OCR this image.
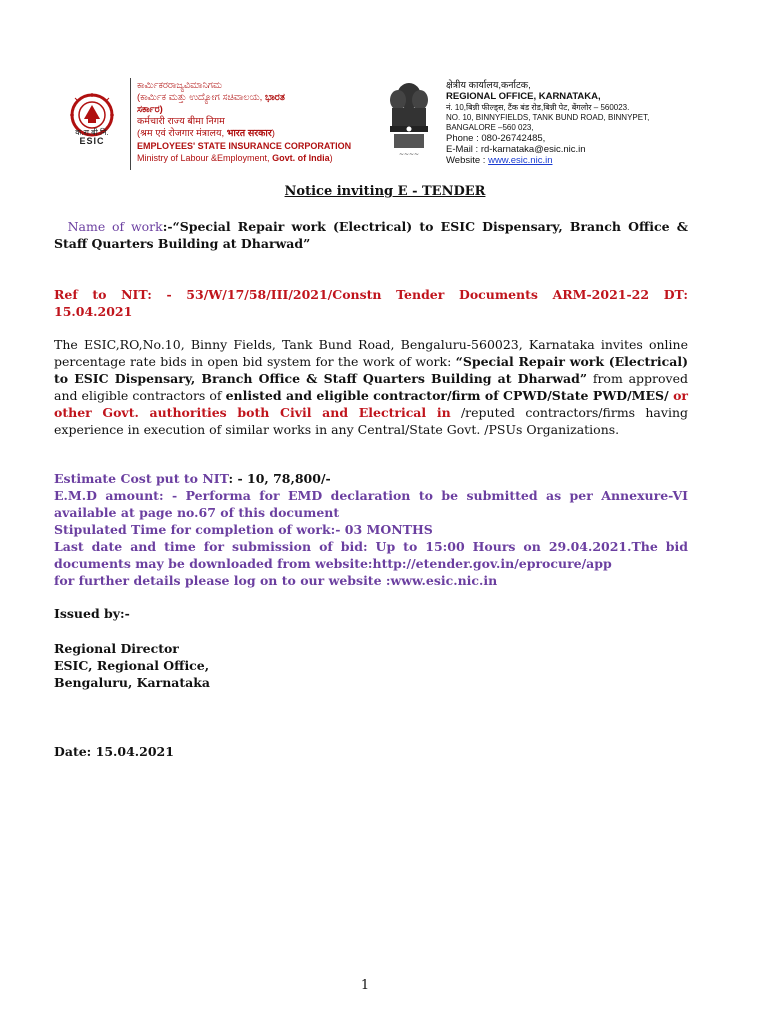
क.रा.बी.नि.
ESIC
ಕಾರ್ಮಿಕರರಾಜ್ಯವಿಮಾನಿಗಮ
(ಕಾರ್ಮಿಕ ಮತ್ತು ಉದ್ಯೋಗ ಸಚಿವಾಲಯ, ಭಾರತ
ಸರ್ಕಾರ)
कर्मचारी राज्य बीमा निगम
(श्रम एवं रोजगार मंत्रालय, भारत सरकार)
EMPLOYEES' STATE INSURANCE CORPORATION
Ministry of Labour &Employment, Govt. of India)	~~~~
क्षेत्रीय कार्यालय,कर्नाटक,
REGIONAL OFFICE, KARNATAKA,
नं. 10,बिन्नी फील्ड्स, टैंक बंड रोड,बिन्नी पेट, बेंगलोर – 560023.
NO. 10, BINNYFIELDS, TANK BUND ROAD, BINNYPET,
BANGALORE –560 023,
Phone : 080-26742485,
E-Mail : rd-karnataka@esic.nic.in
Website : www.esic.nic.in
Notice inviting E - TENDER
Name of work:-“Special Repair work (Electrical) to ESIC Dispensary, Branch Office & Staff Quarters Building at Dharwad”
Ref to NIT: - 53/W/17/58/III/2021/Constn Tender Documents ARM-2021-22 DT: 15.04.2021
The ESIC,RO,No.10, Binny Fields, Tank Bund Road, Bengaluru-560023, Karnataka invites online percentage rate bids in open bid system for the work of work: “Special Repair work (Electrical) to ESIC Dispensary, Branch Office & Staff Quarters Building at Dharwad” from approved and eligible contractors of enlisted and eligible contractor/firm of CPWD/State PWD/MES/ or other Govt. authorities both Civil and Electrical in /reputed contractors/firms having experience in execution of similar works in any Central/State Govt. /PSUs Organizations.
Estimate Cost put to NIT: - 10, 78,800/-
E.M.D amount: - Performa for EMD declaration to be submitted as per Annexure-VI available at page no.67 of this document
Stipulated Time for completion of work:- 03 MONTHS
Last date and time for submission of bid: Up to 15:00 Hours on 29.04.2021.The bid documents may be downloaded from website:http://etender.gov.in/eprocure/app
for further details please log on to our website :www.esic.nic.in
Issued by:-
Regional Director
ESIC, Regional Office,
Bengaluru, Karnataka
Date: 15.04.2021
1
